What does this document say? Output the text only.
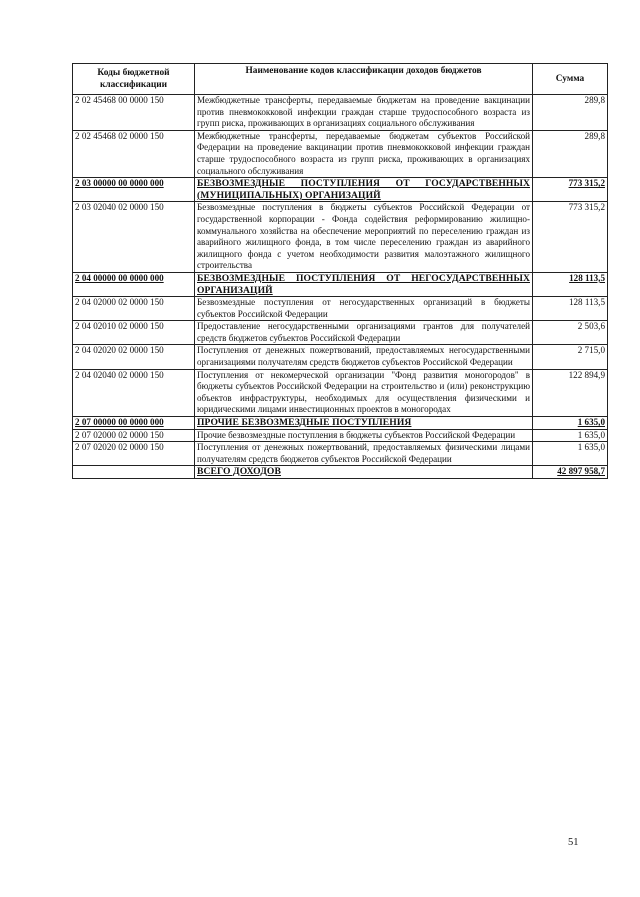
Коды бюджетной классификации	Наименование кодов классификации доходов бюджетов	Сумма
2 02 45468 00 0000 150	Межбюджетные трансферты, передаваемые бюджетам на проведение вакцинации против пневмококковой инфекции граждан старше трудоспособного возраста из групп риска, проживающих в организациях социального обслуживания	289,8
2 02 45468 02 0000 150	Межбюджетные трансферты, передаваемые бюджетам субъектов Российской Федерации на проведение вакцинации против пневмококковой инфекции граждан старше трудоспособного возраста из групп риска, проживающих в организациях социального обслуживания	289,8
2 03 00000 00 0000 000	БЕЗВОЗМЕЗДНЫЕ ПОСТУПЛЕНИЯ ОТ ГОСУДАРСТВЕННЫХ (МУНИЦИПАЛЬНЫХ) ОРГАНИЗАЦИЙ	773 315,2
2 03 02040 02 0000 150	Безвозмездные поступления в бюджеты субъектов Российской Федерации от государственной корпорации - Фонда содействия реформированию жилищно-коммунального хозяйства на обеспечение мероприятий по переселению граждан из аварийного жилищного фонда, в том числе переселению граждан из аварийного жилищного фонда с учетом необходимости развития малоэтажного жилищного строительства	773 315,2
2 04 00000 00 0000 000	БЕЗВОЗМЕЗДНЫЕ ПОСТУПЛЕНИЯ ОТ НЕГОСУДАРСТВЕННЫХ ОРГАНИЗАЦИЙ	128 113,5
2 04 02000 02 0000 150	Безвозмездные поступления от негосударственных организаций в бюджеты субъектов Российской Федерации	128 113,5
2 04 02010 02 0000 150	Предоставление негосударственными организациями грантов для получателей средств бюджетов субъектов Российской Федерации	2 503,6
2 04 02020 02 0000 150	Поступления от денежных пожертвований, предоставляемых негосударственными организациями получателям средств бюджетов субъектов Российской Федерации	2 715,0
2 04 02040 02 0000 150	Поступления от некомерческой организации "Фонд развития моногородов" в бюджеты субъектов Российской Федерации на строительство и (или) реконструкцию объектов инфраструктуры, необходимых для осуществления физическими и юридическими лицами инвестиционных проектов в моногородах	122 894,9
2 07 00000 00 0000 000	ПРОЧИЕ БЕЗВОЗМЕЗДНЫЕ ПОСТУПЛЕНИЯ	1 635,0
2 07 02000 02 0000 150	Прочие безвозмездные поступления в бюджеты субъектов Российской Федерации	1 635,0
2 07 02020 02 0000 150	Поступления от денежных пожертвований, предоставляемых физическими лицами получателям средств бюджетов субъектов Российской Федерации	1 635,0
	ВСЕГО ДОХОДОВ	42 897 958,7
51
